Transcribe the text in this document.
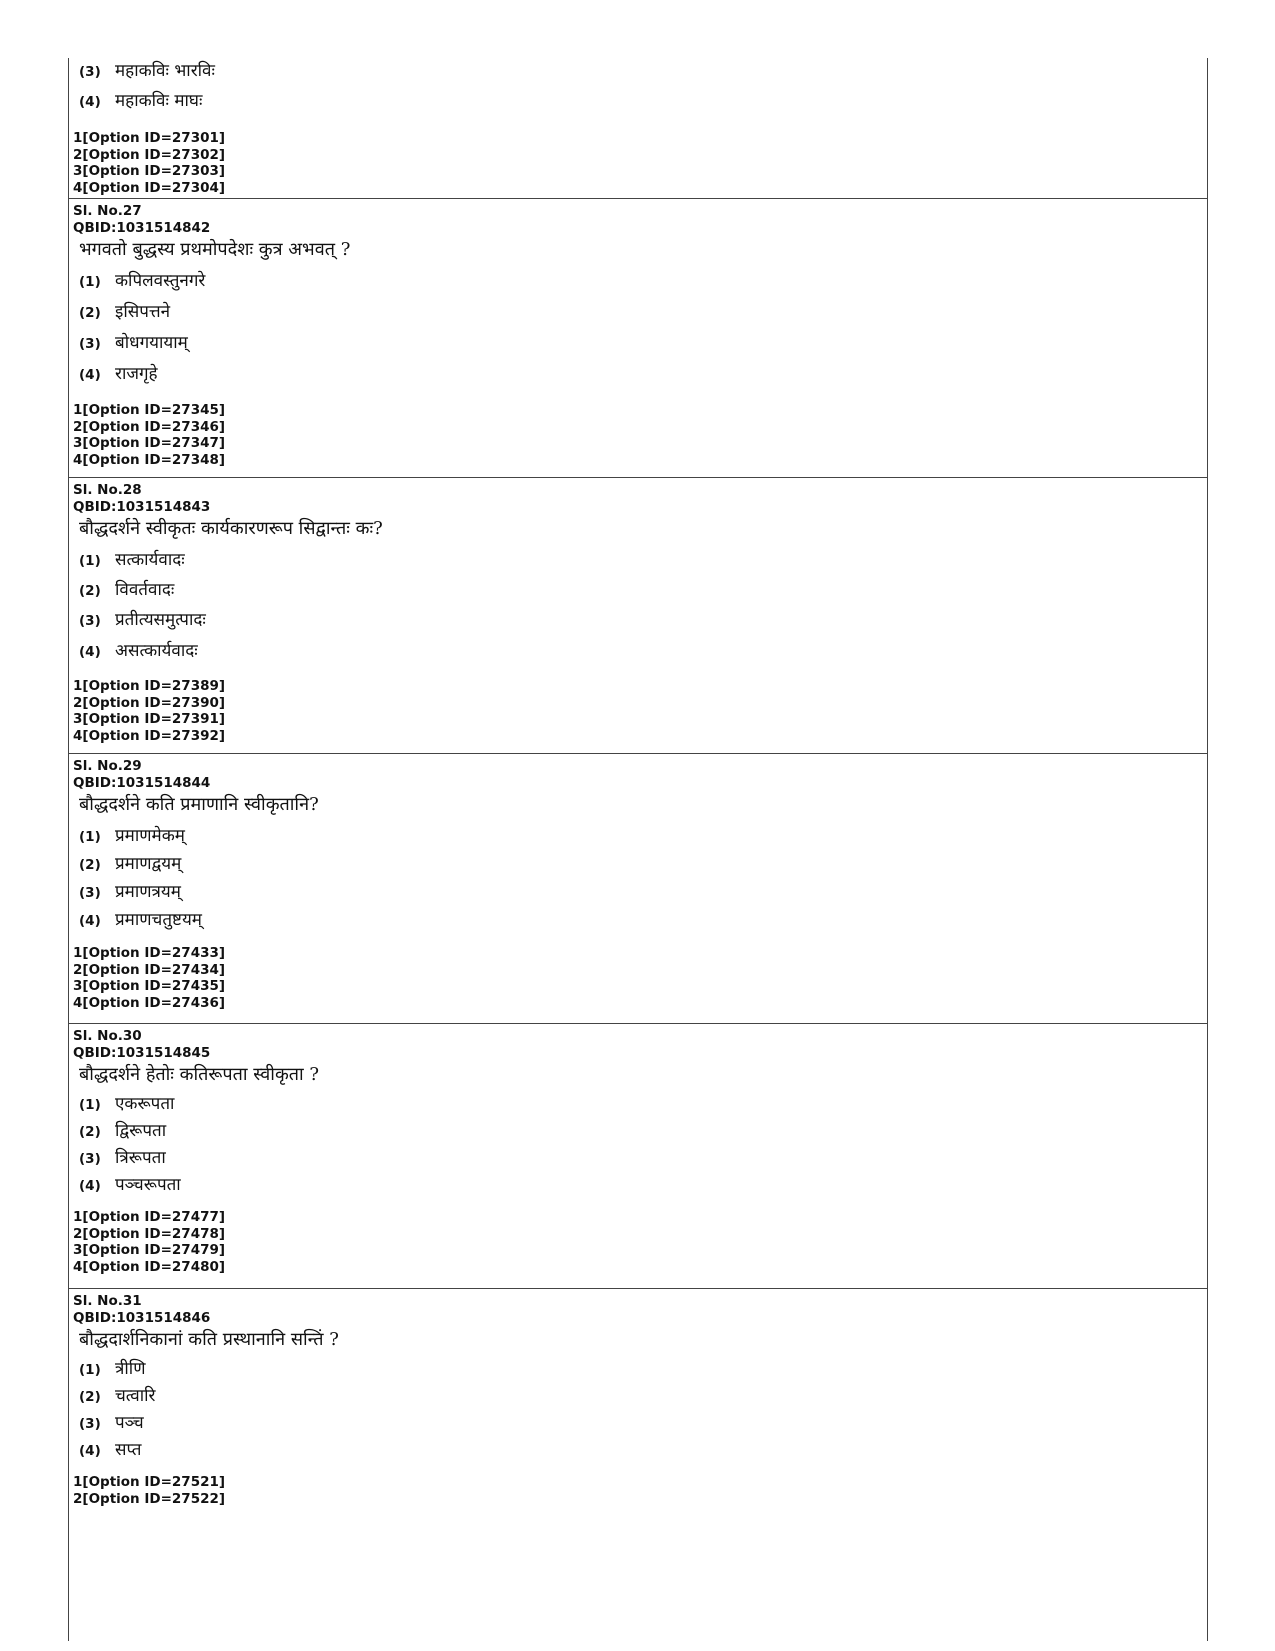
(3) महाकविः भारविः
(4) महाकविः माघः
1[Option ID=27301]
2[Option ID=27302]
3[Option ID=27303]
4[Option ID=27304]
Sl. No.27
QBID:1031514842
भगवतो बुद्धस्य प्रथमोपदेशः कुत्र अभवत् ?
(1) कपिलवस्तुनगरे
(2) इसिपत्तने
(3) बोधगयायाम्
(4) राजगृहे
1[Option ID=27345]
2[Option ID=27346]
3[Option ID=27347]
4[Option ID=27348]
Sl. No.28
QBID:1031514843
बौद्धदर्शने स्वीकृतः कार्यकारणरूप सिद्वान्तः कः?
(1) सत्कार्यवादः
(2) विवर्तवादः
(3) प्रतीत्यसमुत्पादः
(4) असत्कार्यवादः
1[Option ID=27389]
2[Option ID=27390]
3[Option ID=27391]
4[Option ID=27392]
Sl. No.29
QBID:1031514844
बौद्धदर्शने कति प्रमाणानि स्वीकृतानि?
(1) प्रमाणमेकम्
(2) प्रमाणद्वयम्
(3) प्रमाणत्रयम्
(4) प्रमाणचतुष्टयम्
1[Option ID=27433]
2[Option ID=27434]
3[Option ID=27435]
4[Option ID=27436]
Sl. No.30
QBID:1031514845
बौद्धदर्शने हेतोः कतिरूपता स्वीकृता ?
(1) एकरूपता
(2) द्विरूपता
(3) त्रिरूपता
(4) पञ्चरूपता
1[Option ID=27477]
2[Option ID=27478]
3[Option ID=27479]
4[Option ID=27480]
Sl. No.31
QBID:1031514846
बौद्धदार्शनिकानां कति प्रस्थानानि सन्तिं ?
(1) त्रीणि
(2) चत्वारि
(3) पञ्च
(4) सप्त
1[Option ID=27521]
2[Option ID=27522]
